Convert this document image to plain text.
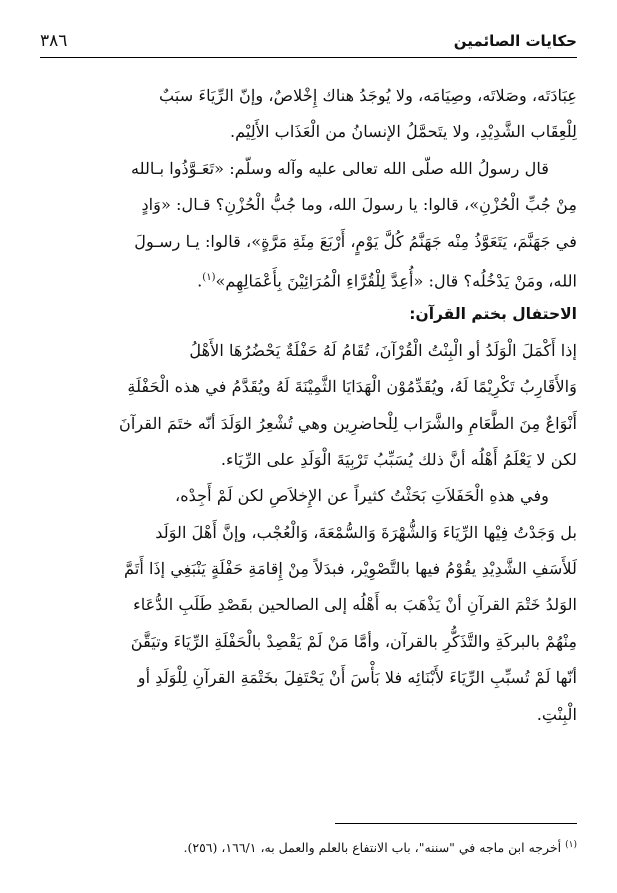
حكايات الصائمين
٣٨٦
عِبَادَتَه، وصَلاتَه، وصِيَامَه، ولا يُوجَدُ هناك إِخْلاصٌ، وإنّ الرِّيَاءَ سبَبٌ
لِلْعِقَاب الشَّدِيْدِ، ولا يتَحمَّلُ الإنسانُ من الْعَذَاب الأَلِيْم.
قال رسولُ الله صلّى الله تعالى عليه وآله وسلّم: «تَعَـوَّذُوا بـالله
مِنْ جُبِّ الْحُزْنِ»، قالوا: يا رسولَ الله، وما جُبُّ الْحُزْنِ؟ قـال: «وَادٍ
في جَهَنَّمَ، يَتَعَوَّذُ مِنْه جَهَنَّمُ كُلَّ يَوْمٍ، أَرْبَعَ مِئَةِ مَرَّةٍ»، قالوا: يـا رسـولَ
الله، ومَنْ يَدْخُلُه؟ قال: «أُعِدَّ لِلْقُرَّاءِ الْمُرَائِيْنَ بِأَعْمَالِهِم»$^{(١)}$.
الاحتفال بختم القرآن:
إذا أَكْمَلَ الْوَلَدُ أو الْبِنْتُ الْقُرْآنَ، تُقَامُ لَهُ حَفْلَةٌ يَحْضُرُهَا الأَهْلُ
وَالأَقَارِبُ تَكْرِيْمًا لَهُ، ويُقَدِّمُوْن الْهَدَايَا الثَّمِيْنَةَ لَهُ ويُقَدَّمُ في هذه الْحَفْلَةِ
أَنْوَاعٌ مِنَ الطَّعَامِ والشَّرَاب لِلْحاضرِين وهي تُشْعِرُ الوَلَدَ أنّه ختَمَ القرآنَ
لكن لا يَعْلَمُ أَهْلُه أنَّ ذلك يُسَبِّبُ تَرْبِيَةَ الْوَلَدِ على الرِّيَاء.
وفي هذهِ الْحَفَلاَتِ بَحَثْتُ كثيراً عن الإِخلاَصِ لكن لَمْ أَجِدْه،
بل وَجَدْتُ فِيْها الرِّيَاءَ وَالشُّهْرَةَ وَالسُّمْعَةَ، وَالْعُجْب، وإنَّ أَهْلَ الوَلَد
لَلأَسَفِ الشَّدِيْدِ يقُوْمُ فيها بالتَّصْوِيْر، فبدَلاً مِنْ إِقامَةِ حَفْلَةٍ يَنْبَغِي إذَا أَتَمَّ
الوَلدُ خَتْمَ القرآنِ أنْ يَذْهَبَ به أَهْلُه إلى الصالحين بقَصْدِ طَلَبِ الدُّعَاء
مِنْهُمْ بالبركَةِ والتَّذَكُّرِ بالقرآن، وأمَّا مَنْ لَمْ يَقْصِدْ بالْحَفْلَةِ الرِّيَاءَ وتيَقَّنَ
أنّها لَمْ تُسبِّبِ الرِّيَاءَ لأَبْنَائِه فلا بَأْسَ أَنْ يَحْتَفِلَ بخَتْمَةِ القرآنِ لِلْوَلَدِ أو
الْبِنْتِ.
$^{(١)}$ أخرجه ابن ماجه في "سننه"، باب الانتفاع بالعلم والعمل به، ١٦٦/١، (٢٥٦).
